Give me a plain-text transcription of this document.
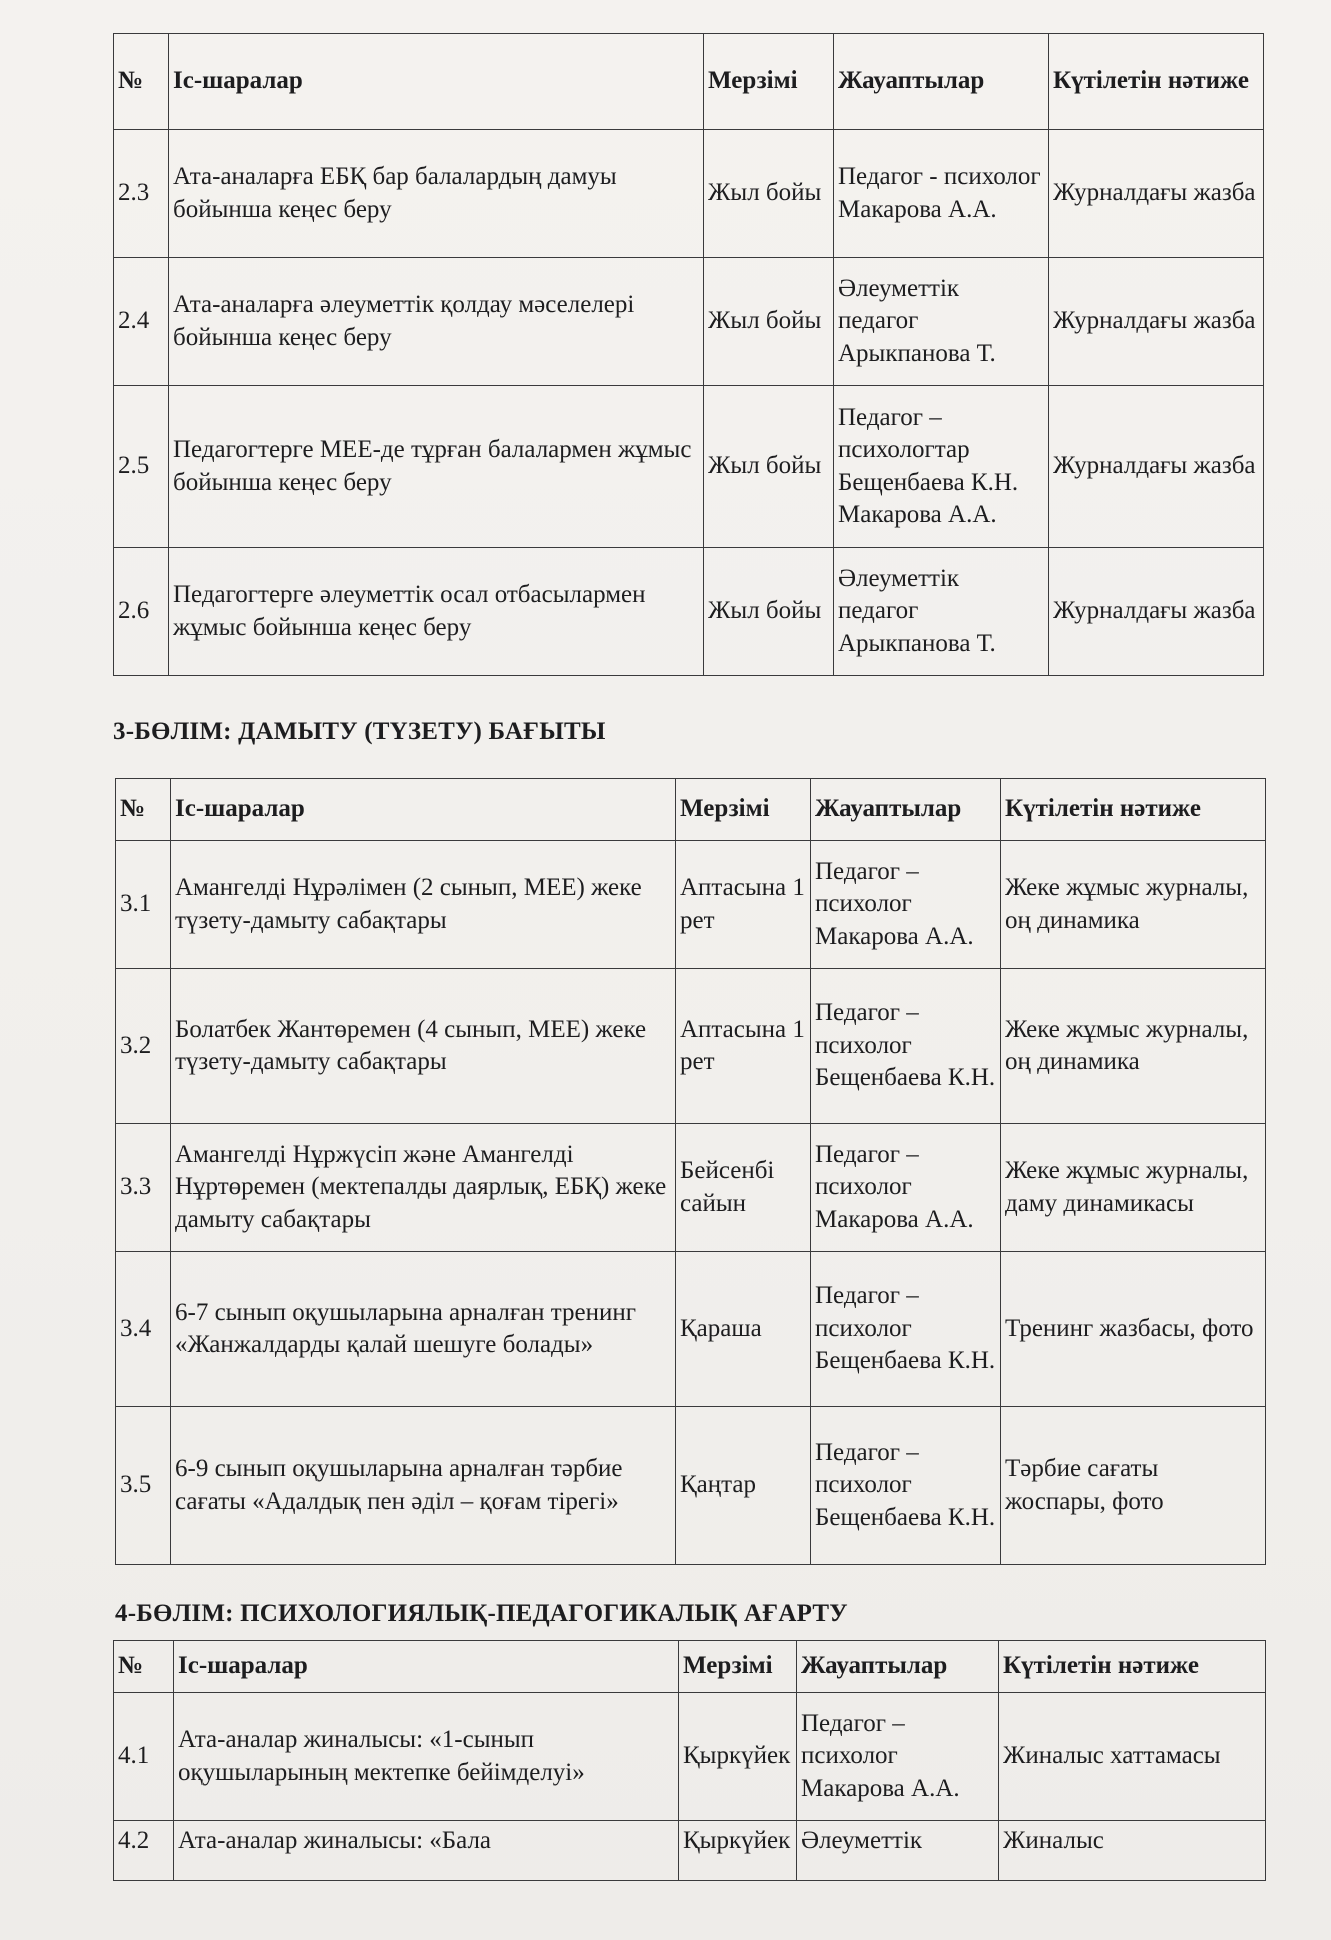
№	Іс-шаралар	Мерзімі	Жауаптылар	Күтілетін нәтиже
2.3	Ата-аналарға ЕБҚ бар балалардың дамуы бойынша кеңес беру	Жыл бойы	Педагог - психолог Макарова А.А.	Журналдағы жазба
2.4	Ата-аналарға әлеуметтік қолдау мәселелері бойынша кеңес беру	Жыл бойы	Әлеуметтік педагог Арыкпанова Т.	Журналдағы жазба
2.5	Педагогтерге МЕЕ-де тұрған балалармен жұмыс бойынша кеңес беру	Жыл бойы	Педагог – психологтар Бещенбаева К.Н. Макарова А.А.	Журналдағы жазба
2.6	Педагогтерге әлеуметтік осал отбасылармен жұмыс бойынша кеңес беру	Жыл бойы	Әлеуметтік педагог Арыкпанова Т.	Журналдағы жазба
3-БӨЛІМ: ДАМЫТУ (ТҮЗЕТУ) БАҒЫТЫ
№	Іс-шаралар	Мерзімі	Жауаптылар	Күтілетін нәтиже
3.1	Амангелді Нұрәлімен (2 сынып, МЕЕ) жеке түзету-дамыту сабақтары	Аптасына 1 рет	Педагог – психолог Макарова А.А.	Жеке жұмыс журналы, оң динамика
3.2	Болатбек Жантөремен (4 сынып, МЕЕ) жеке түзету-дамыту сабақтары	Аптасына 1 рет	Педагог – психолог Бещенбаева К.Н.	Жеке жұмыс журналы, оң динамика
3.3	Амангелді Нұржүсіп және Амангелді Нұртөремен (мектепалды даярлық, ЕБҚ) жеке дамыту сабақтары	Бейсенбі сайын	Педагог – психолог Макарова А.А.	Жеке жұмыс журналы, даму динамикасы
3.4	6-7 сынып оқушыларына арналған тренинг «Жанжалдарды қалай шешуге болады»	Қараша	Педагог – психолог Бещенбаева К.Н.	Тренинг жазбасы, фото
3.5	6-9 сынып оқушыларына арналған тәрбие сағаты «Адалдық пен әділ – қоғам тірегі»	Қаңтар	Педагог – психолог Бещенбаева К.Н.	Тәрбие сағаты жоспары, фото
4-БӨЛІМ: ПСИХОЛОГИЯЛЫҚ-ПЕДАГОГИКАЛЫҚ АҒАРТУ
№	Іс-шаралар	Мерзімі	Жауаптылар	Күтілетін нәтиже
4.1	Ата-аналар жиналысы: «1-сынып оқушыларының мектепке бейімделуі»	Қыркүйек	Педагог – психолог Макарова А.А.	Жиналыс хаттамасы
4.2	Ата-аналар жиналысы: «Бала	Қыркүйек	Әлеуметтік	Жиналыс
